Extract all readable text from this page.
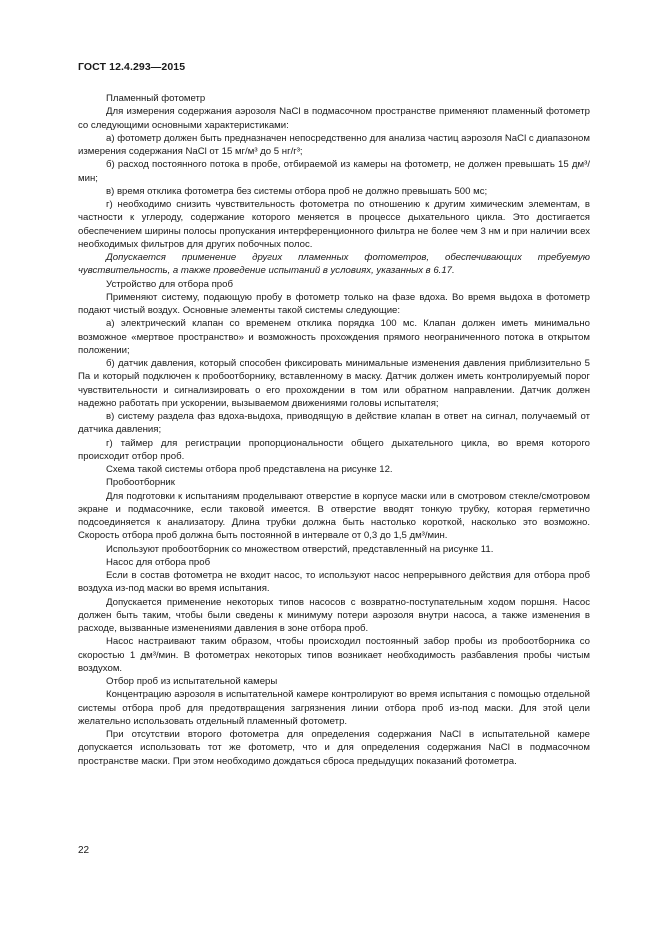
ГОСТ 12.4.293—2015

Пламенный фотометр

Для измерения содержания аэрозоля NaCl в подмасочном пространстве применяют пламенный фотометр со следующими основными характеристиками:

а) фотометр должен быть предназначен непосредственно для анализа частиц аэрозоля NaCl с диапазоном измерения содержания NaCl от 15 мг/м³ до 5 нг/г³;

б) расход постоянного потока в пробе, отбираемой из камеры на фотометр, не должен превышать 15 дм³/мин;

в) время отклика фотометра без системы отбора проб не должно превышать 500 мс;

г) необходимо снизить чувствительность фотометра по отношению к другим химическим элементам, в частности к углероду, содержание которого меняется в процессе дыхательного цикла. Это достигается обеспечением ширины полосы пропускания интерференционного фильтра не более чем 3 нм и при наличии всех необходимых фильтров для других побочных полос.

Допускается применение других пламенных фотометров, обеспечивающих требуемую чувствительность, а также проведение испытаний в условиях, указанных в 6.17.

Устройство для отбора проб

Применяют систему, подающую пробу в фотометр только на фазе вдоха. Во время выдоха в фотометр подают чистый воздух. Основные элементы такой системы следующие:

а) электрический клапан со временем отклика порядка 100 мс. Клапан должен иметь минимально возможное «мертвое пространство» и возможность прохождения прямого неограниченного потока в открытом положении;

б) датчик давления, который способен фиксировать минимальные изменения давления приблизительно 5 Па и который подключен к пробоотборнику, вставленному в маску. Датчик должен иметь контролируемый порог чувствительности и сигнализировать о его прохождении в том или обратном направлении. Датчик должен надежно работать при ускорении, вызываемом движениями головы испытателя;

в) систему раздела фаз вдоха-выдоха, приводящую в действие клапан в ответ на сигнал, получаемый от датчика давления;

г) таймер для регистрации пропорциональности общего дыхательного цикла, во время которого происходит отбор проб.

Схема такой системы отбора проб представлена на рисунке 12.

Пробоотборник

Для подготовки к испытаниям проделывают отверстие в корпусе маски или в смотровом стекле/смотровом экране и подмасочнике, если таковой имеется. В отверстие вводят тонкую трубку, которая герметично подсоединяется к анализатору. Длина трубки должна быть настолько короткой, насколько это возможно. Скорость отбора проб должна быть постоянной в интервале от 0,3 до 1,5 дм³/мин.

Используют пробоотборник со множеством отверстий, представленный на рисунке 11.

Насос для отбора проб

Если в состав фотометра не входит насос, то используют насос непрерывного действия для отбора проб воздуха из-под маски во время испытания.

Допускается применение некоторых типов насосов с возвратно-поступательным ходом поршня. Насос должен быть таким, чтобы были сведены к минимуму потери аэрозоля внутри насоса, а также изменения в расходе, вызванные изменениями давления в зоне отбора проб.

Насос настраивают таким образом, чтобы происходил постоянный забор пробы из пробоотборника со скоростью 1 дм³/мин. В фотометрах некоторых типов возникает необходимость разбавления пробы чистым воздухом.

Отбор проб из испытательной камеры

Концентрацию аэрозоля в испытательной камере контролируют во время испытания с помощью отдельной системы отбора проб для предотвращения загрязнения линии отбора проб из-под маски. Для этой цели желательно использовать отдельный пламенный фотометр.

При отсутствии второго фотометра для определения содержания NaCl в испытательной камере допускается использовать тот же фотометр, что и для определения содержания NaCl в подмасочном пространстве маски. При этом необходимо дождаться сброса предыдущих показаний фотометра.

22
